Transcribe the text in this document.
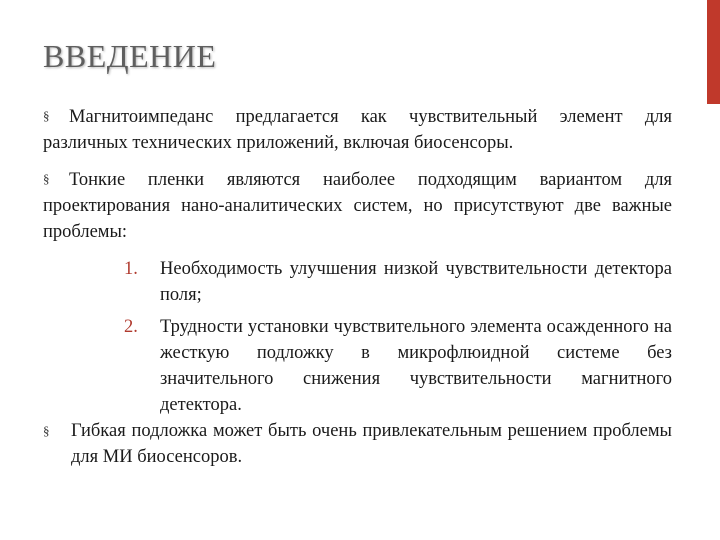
ВВЕДЕНИЕ
§ Магнитоимпеданс предлагается как чувствительный элемент для различных технических приложений, включая биосенсоры.
§ Тонкие пленки являются наиболее подходящим вариантом для проектирования нано-аналитических систем, но присутствуют две важные проблемы:
1. Необходимость улучшения низкой чувствительности детектора поля;
2. Трудности установки чувствительного элемента осажденного на жесткую подложку в микрофлюидной системе без значительного снижения чувствительности магнитного детектора.
§	Гибкая подложка может быть очень привлекательным решением проблемы для МИ биосенсоров.
